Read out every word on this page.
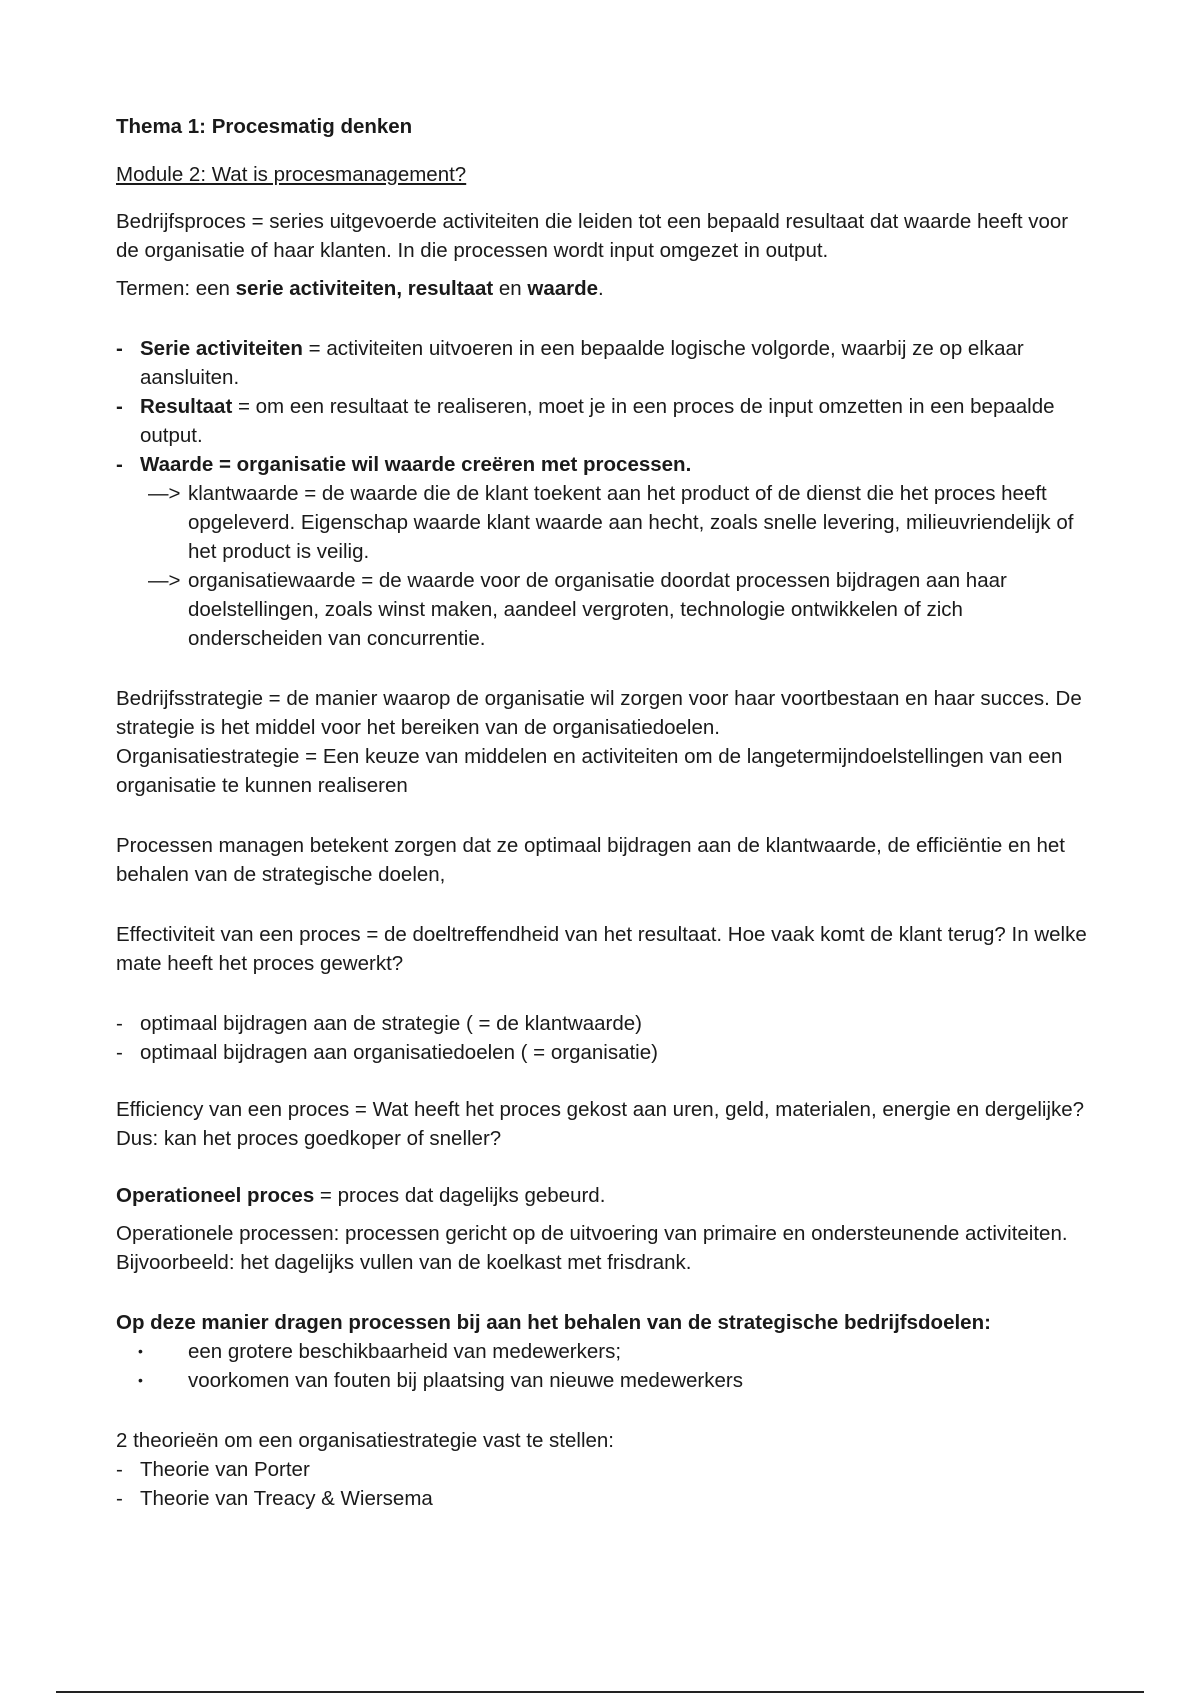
Thema 1: Procesmatig denken

Module 2: Wat is procesmanagement?

Bedrijfsproces = series uitgevoerde activiteiten die leiden tot een bepaald resultaat dat waarde heeft voor de organisatie of haar klanten. In die processen wordt input omgezet in output.

Termen: een serie activiteiten, resultaat en waarde.

- Serie activiteiten = activiteiten uitvoeren in een bepaalde logische volgorde, waarbij ze op elkaar aansluiten.
- Resultaat = om een resultaat te realiseren, moet je in een proces de input omzetten in een bepaalde output.
- Waarde = organisatie wil waarde creëren met processen.
—> klantwaarde = de waarde die de klant toekent aan het product of de dienst die het proces heeft opgeleverd. Eigenschap waarde klant waarde aan hecht, zoals snelle levering, milieuvriendelijk of het product is veilig.
—> organisatiewaarde = de waarde voor de organisatie doordat processen bijdragen aan haar doelstellingen, zoals winst maken, aandeel vergroten, technologie ontwikkelen of zich onderscheiden van concurrentie.

Bedrijfsstrategie = de manier waarop de organisatie wil zorgen voor haar voortbestaan en haar succes. De strategie is het middel voor het bereiken van de organisatiedoelen.

Organisatiestrategie = Een keuze van middelen en activiteiten om de langetermijndoelstellingen van een organisatie te kunnen realiseren

Processen managen betekent zorgen dat ze optimaal bijdragen aan de klantwaarde, de efficiëntie en het behalen van de strategische doelen,

Effectiviteit van een proces = de doeltreffendheid van het resultaat. Hoe vaak komt de klant terug? In welke mate heeft het proces gewerkt?

- optimaal bijdragen aan de strategie ( = de klantwaarde)
- optimaal bijdragen aan organisatiedoelen ( = organisatie)

Efficiency van een proces = Wat heeft het proces gekost aan uren, geld, materialen, energie en dergelijke? Dus: kan het proces goedkoper of sneller?

Operationeel proces = proces dat dagelijks gebeurd.

Operationele processen: processen gericht op de uitvoering van primaire en ondersteunende activiteiten. Bijvoorbeeld: het dagelijks vullen van de koelkast met frisdrank.

Op deze manier dragen processen bij aan het behalen van de strategische bedrijfsdoelen:

• een grotere beschikbaarheid van medewerkers;
• voorkomen van fouten bij plaatsing van nieuwe medewerkers

2 theorieën om een organisatiestrategie vast te stellen:

- Theorie van Porter
- Theorie van Treacy & Wiersema
